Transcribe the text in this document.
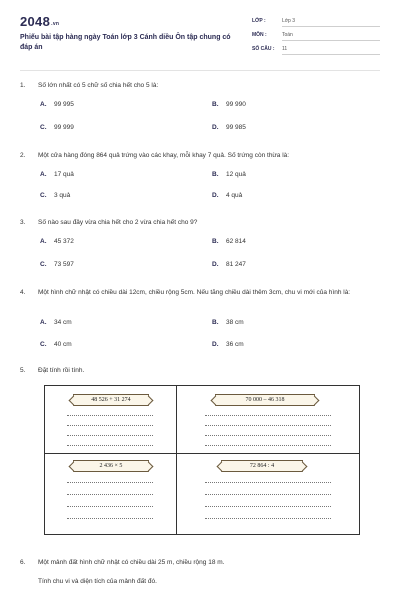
2048.vn
Phiếu bài tập hàng ngày Toán lớp 3 Cánh diều Ôn tập chung có đáp án
LỚP :	Lớp 3
MÔN :	Toán
SỐ CÂU : 11
1.	Số lớn nhất có 5 chữ số chia hết cho 5 là:
A. 99 995	B. 99 990
C. 99 999	D. 99 985
2.	Một cửa hàng đóng 864 quả trứng vào các khay, mỗi khay 7 quả. Số trứng còn thừa là:
A. 17 quả	B. 12 quả
C. 3 quả	D. 4 quả
3.	Số nào sau đây vừa chia hết cho 2 vừa chia hết cho 9?
A. 45 372	B. 62 814
C. 73 597	D. 81 247
4.	Một hình chữ nhật có chiều dài 12cm, chiều rộng 5cm. Nếu tăng chiều dài thêm 3cm, chu vi mới của hình là:
A. 34 cm	B. 38 cm
C. 40 cm	D. 36 cm
5.	Đặt tính rồi tính.
48 526 + 31 274	70 000 – 46 318
2 436 × 5	72 864 : 4
6.	Một mảnh đất hình chữ nhật có chiều dài 25 m, chiều rộng 18 m.
Tính chu vi và diện tích của mảnh đất đó.
